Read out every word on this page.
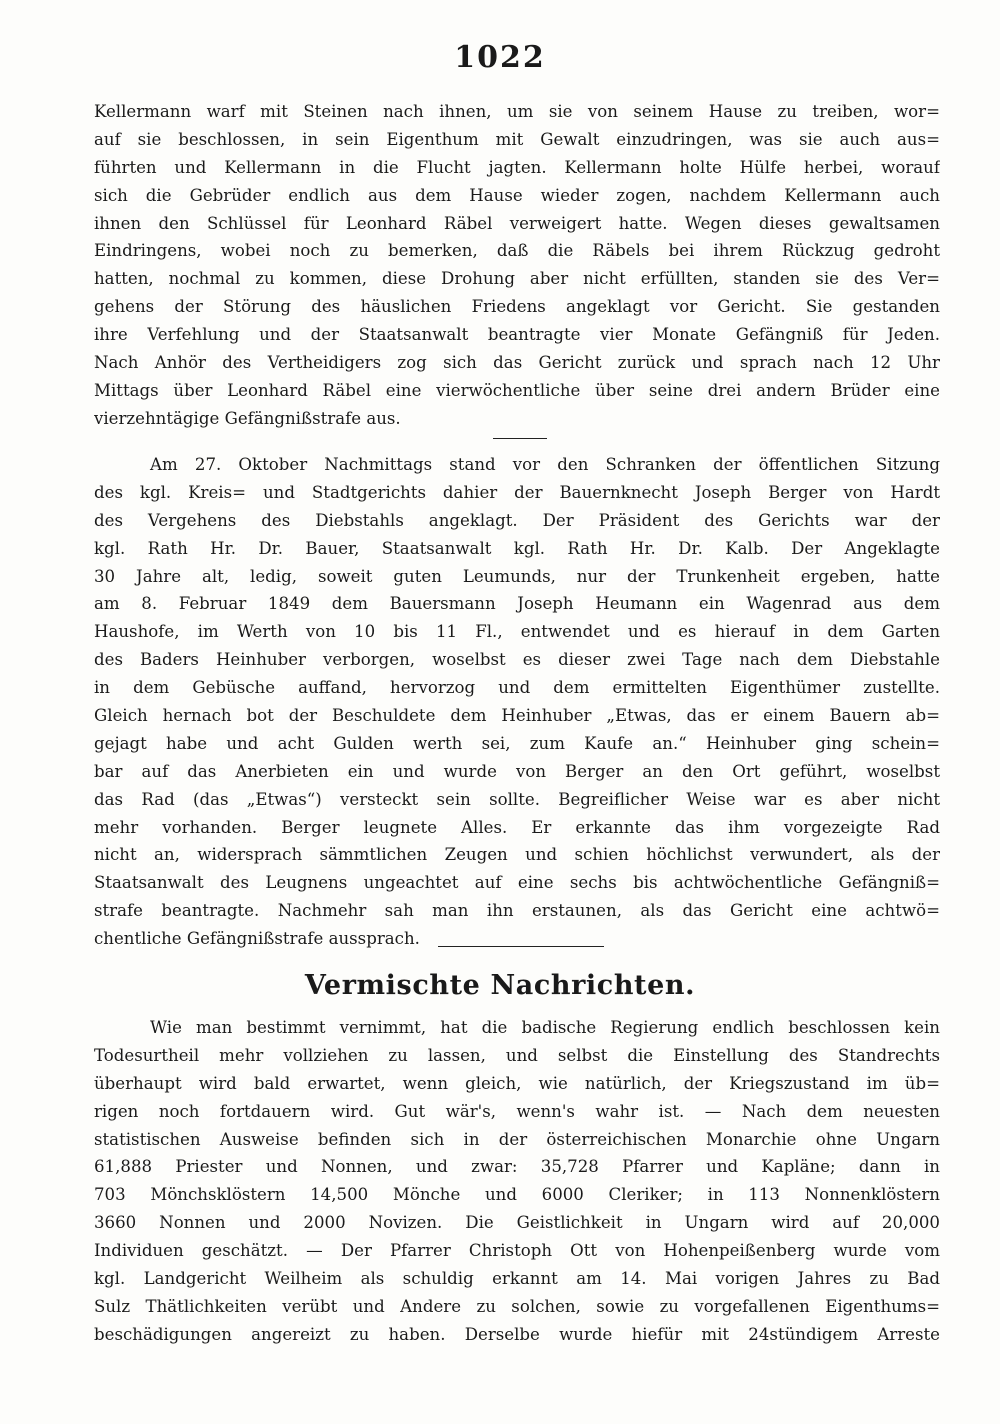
1022
Kellermann warf mit Steinen nach ihnen, um sie von seinem Hause zu treiben, wor=
auf sie beschlossen, in sein Eigenthum mit Gewalt einzudringen, was sie auch aus=
führten und Kellermann in die Flucht jagten. Kellermann holte Hülfe herbei, worauf
sich die Gebrüder endlich aus dem Hause wieder zogen, nachdem Kellermann auch
ihnen den Schlüssel für Leonhard Räbel verweigert hatte. Wegen dieses gewaltsamen
Eindringens, wobei noch zu bemerken, daß die Räbels bei ihrem Rückzug gedroht
hatten, nochmal zu kommen, diese Drohung aber nicht erfüllten, standen sie des Ver=
gehens der Störung des häuslichen Friedens angeklagt vor Gericht. Sie gestanden
ihre Verfehlung und der Staatsanwalt beantragte vier Monate Gefängniß für Jeden.
Nach Anhör des Vertheidigers zog sich das Gericht zurück und sprach nach 12 Uhr
Mittags über Leonhard Räbel eine vierwöchentliche über seine drei andern Brüder eine
vierzehntägige Gefängnißstrafe aus.
Am 27. Oktober Nachmittags stand vor den Schranken der öffentlichen Sitzung
des kgl. Kreis= und Stadtgerichts dahier der Bauernknecht Joseph Berger von Hardt
des Vergehens des Diebstahls angeklagt. Der Präsident des Gerichts war der
kgl. Rath Hr. Dr. Bauer, Staatsanwalt kgl. Rath Hr. Dr. Kalb. Der Angeklagte
30 Jahre alt, ledig, soweit guten Leumunds, nur der Trunkenheit ergeben, hatte
am 8. Februar 1849 dem Bauersmann Joseph Heumann ein Wagenrad aus dem
Haushofe, im Werth von 10 bis 11 Fl., entwendet und es hierauf in dem Garten
des Baders Heinhuber verborgen, woselbst es dieser zwei Tage nach dem Diebstahle
in dem Gebüsche auffand, hervorzog und dem ermittelten Eigenthümer zustellte.
Gleich hernach bot der Beschuldete dem Heinhuber „Etwas, das er einem Bauern ab=
gejagt habe und acht Gulden werth sei, zum Kaufe an.“ Heinhuber ging schein=
bar auf das Anerbieten ein und wurde von Berger an den Ort geführt, woselbst
das Rad (das „Etwas“) versteckt sein sollte. Begreiflicher Weise war es aber nicht
mehr vorhanden. Berger leugnete Alles. Er erkannte das ihm vorgezeigte Rad
nicht an, widersprach sämmtlichen Zeugen und schien höchlichst verwundert, als der
Staatsanwalt des Leugnens ungeachtet auf eine sechs bis achtwöchentliche Gefängniß=
strafe beantragte. Nachmehr sah man ihn erstaunen, als das Gericht eine achtwö=
chentliche Gefängnißstrafe aussprach.
Vermischte Nachrichten.
Wie man bestimmt vernimmt, hat die badische Regierung endlich beschlossen kein
Todesurtheil mehr vollziehen zu lassen, und selbst die Einstellung des Standrechts
überhaupt wird bald erwartet, wenn gleich, wie natürlich, der Kriegszustand im üb=
rigen noch fortdauern wird. Gut wär's, wenn's wahr ist. — Nach dem neuesten
statistischen Ausweise befinden sich in der österreichischen Monarchie ohne Ungarn
61,888 Priester und Nonnen, und zwar: 35,728 Pfarrer und Kapläne; dann in
703 Mönchsklöstern 14,500 Mönche und 6000 Cleriker; in 113 Nonnenklöstern
3660 Nonnen und 2000 Novizen. Die Geistlichkeit in Ungarn wird auf 20,000
Individuen geschätzt. — Der Pfarrer Christoph Ott von Hohenpeißenberg wurde vom
kgl. Landgericht Weilheim als schuldig erkannt am 14. Mai vorigen Jahres zu Bad
Sulz Thätlichkeiten verübt und Andere zu solchen, sowie zu vorgefallenen Eigenthums=
beschädigungen angereizt zu haben. Derselbe wurde hiefür mit 24stündigem Arreste
